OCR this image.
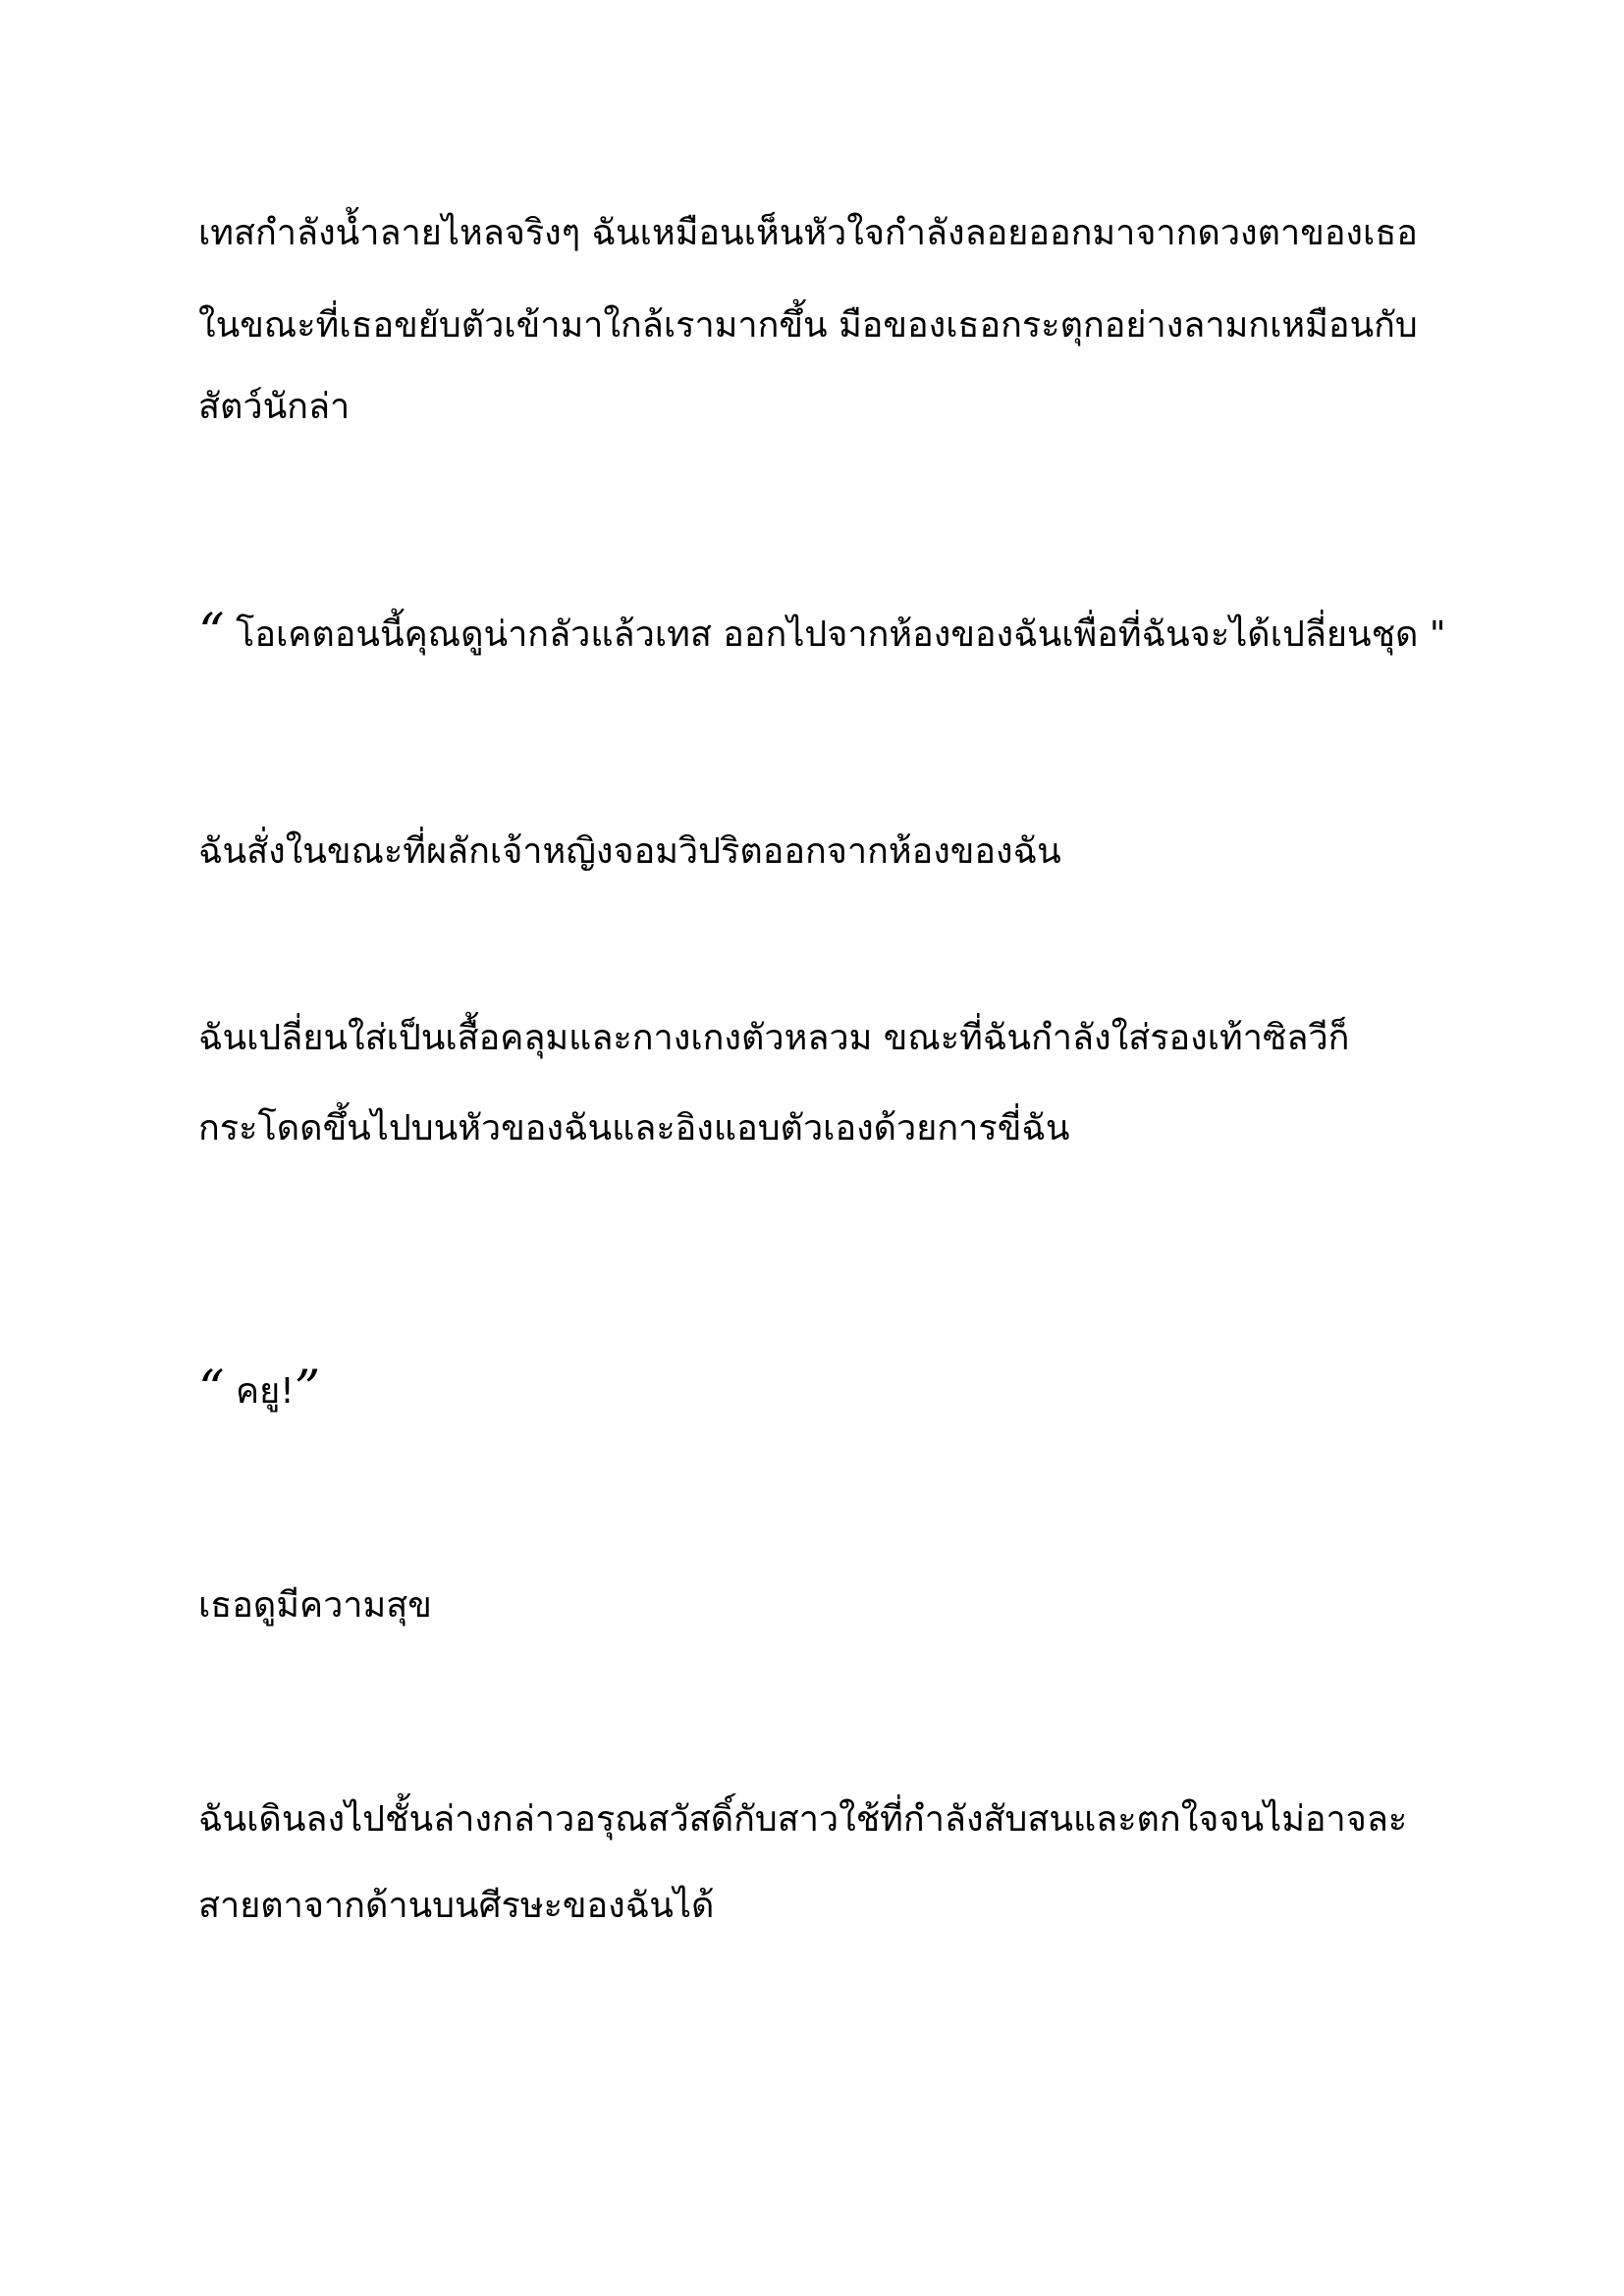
เทสกำลังน้ำลายไหลจริงๆ ฉันเหมือนเห็นหัวใจกำลังลอยออกมาจากดวงตาของเธอ
ในขณะที่เธอขยับตัวเข้ามาใกล้เรามากขึ้น มือของเธอกระตุกอย่างลามกเหมือนกับ
สัตว์นักล่า
“ โอเคตอนนี้คุณดูน่ากลัวแล้วเทส ออกไปจากห้องของฉันเพื่อที่ฉันจะได้เปลี่ยนชุด "
ฉันสั่งในขณะที่ผลักเจ้าหญิงจอมวิปริตออกจากห้องของฉัน
ฉันเปลี่ยนใส่เป็นเสื้อคลุมและกางเกงตัวหลวม ขณะที่ฉันกำลังใส่รองเท้าซิลวีก็
กระโดดขึ้นไปบนหัวของฉันและอิงแอบตัวเองด้วยการขี่ฉัน
“ คยู!”
เธอดูมีความสุข
ฉันเดินลงไปชั้นล่างกล่าวอรุณสวัสดิ์กับสาวใช้ที่กำลังสับสนและตกใจจนไม่อาจละ
สายตาจากด้านบนศีรษะของฉันได้
